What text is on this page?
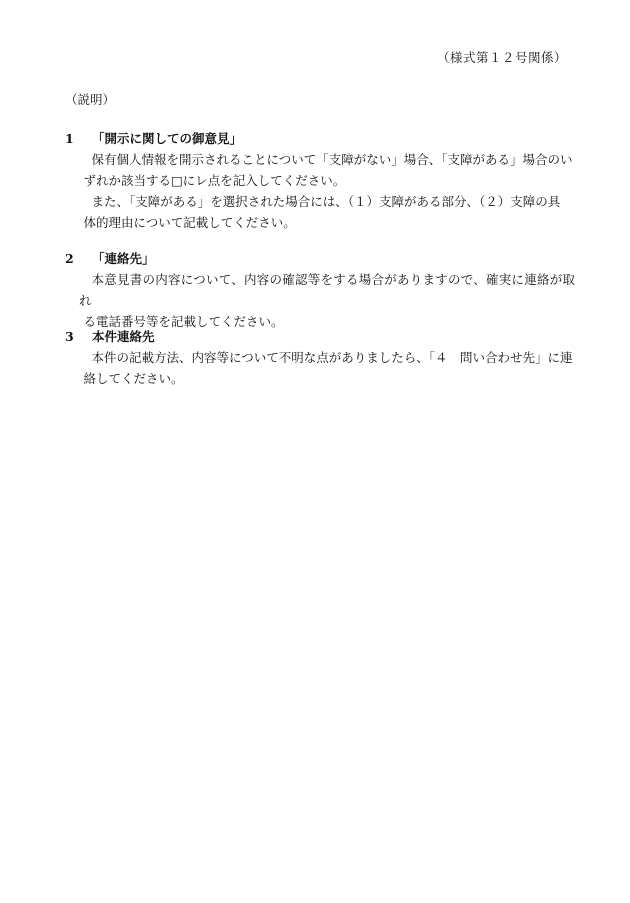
（様式第１２号関係）
（説明）
1	「開示に関しての御意見」

保有個人情報を開示されることについて「支障がない」場合、「支障がある」場合のい
ずれか該当する□にレ点を記入してください。

また、「支障がある」を選択された場合には、（１）支障がある部分、（２）支障の具
体的理由について記載してください。

2	「連絡先」

本意見書の内容について、内容の確認等をする場合がありますので、確実に連絡が取れ
る電話番号等を記載してください。

3	本件連絡先

本件の記載方法、内容等について不明な点がありましたら、「４　問い合わせ先」に連
絡してください。
